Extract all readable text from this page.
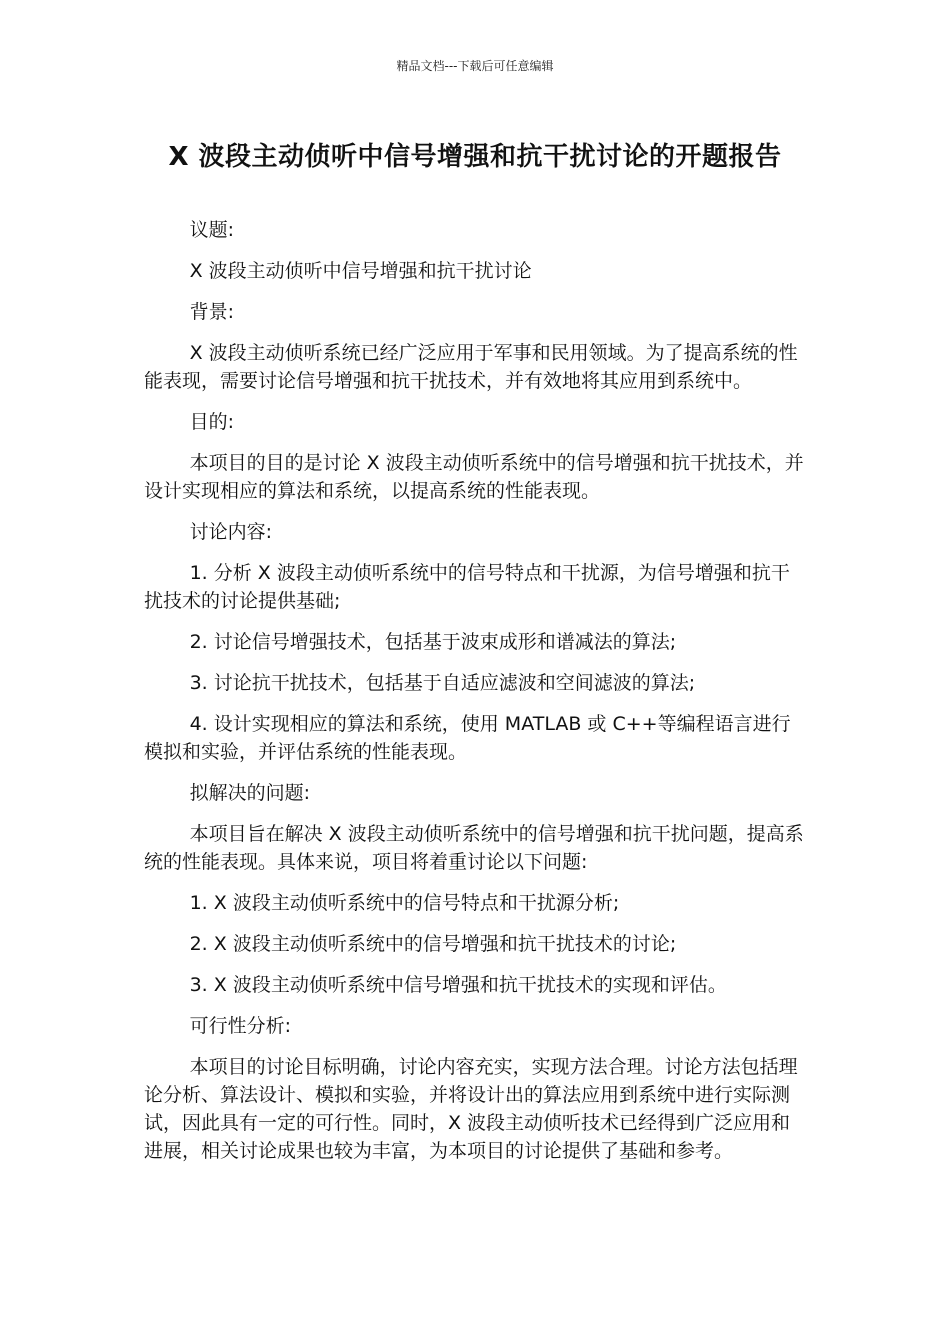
精品文档---下载后可任意编辑
X 波段主动侦听中信号增强和抗干扰讨论的开题报告

议题:

X 波段主动侦听中信号增强和抗干扰讨论

背景:

X 波段主动侦听系统已经广泛应用于军事和民用领域。为了提高系统的性能表现，需要讨论信号增强和抗干扰技术，并有效地将其应用到系统中。

目的:

本项目的目的是讨论 X 波段主动侦听系统中的信号增强和抗干扰技术，并设计实现相应的算法和系统，以提高系统的性能表现。

讨论内容:

1. 分析 X 波段主动侦听系统中的信号特点和干扰源，为信号增强和抗干扰技术的讨论提供基础;

2. 讨论信号增强技术，包括基于波束成形和谱减法的算法;

3. 讨论抗干扰技术，包括基于自适应滤波和空间滤波的算法;

4. 设计实现相应的算法和系统，使用 MATLAB 或 C++等编程语言进行模拟和实验，并评估系统的性能表现。

拟解决的问题:

本项目旨在解决 X 波段主动侦听系统中的信号增强和抗干扰问题，提高系统的性能表现。具体来说，项目将着重讨论以下问题:

1. X 波段主动侦听系统中的信号特点和干扰源分析;

2. X 波段主动侦听系统中的信号增强和抗干扰技术的讨论;

3. X 波段主动侦听系统中信号增强和抗干扰技术的实现和评估。

可行性分析:

本项目的讨论目标明确，讨论内容充实，实现方法合理。讨论方法包括理论分析、算法设计、模拟和实验，并将设计出的算法应用到系统中进行实际测试，因此具有一定的可行性。同时，X 波段主动侦听技术已经得到广泛应用和进展，相关讨论成果也较为丰富，为本项目的讨论提供了基础和参考。
